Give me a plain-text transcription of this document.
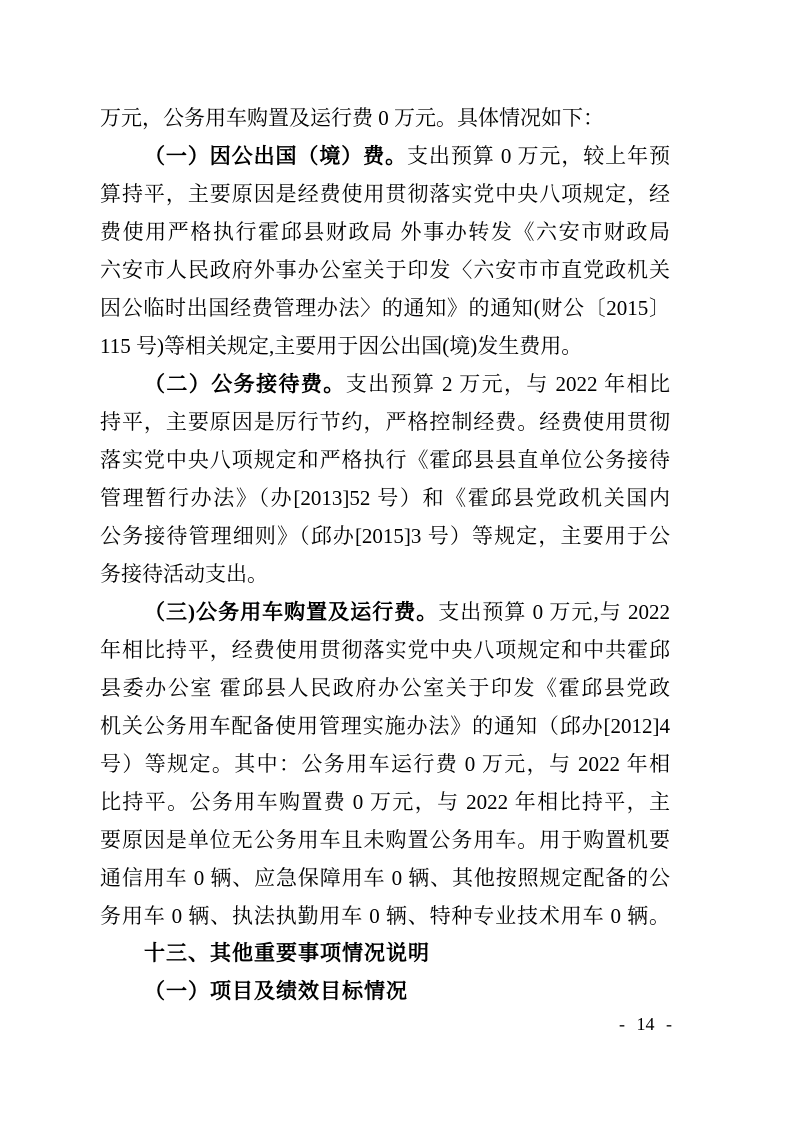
万元，公务用车购置及运行费 0 万元。具体情况如下：
（一）因公出国（境）费。支出预算 0 万元，较上年预
算持平，主要原因是经费使用贯彻落实党中央八项规定，经
费使用严格执行霍邱县财政局 外事办转发《六安市财政局
六安市人民政府外事办公室关于印发〈六安市市直党政机关
因公临时出国经费管理办法〉的通知》的通知(财公〔2015〕
115 号)等相关规定,主要用于因公出国(境)发生费用。
（二）公务接待费。支出预算 2 万元，与 2022 年相比
持平，主要原因是厉行节约，严格控制经费。经费使用贯彻
落实党中央八项规定和严格执行《霍邱县县直单位公务接待
管理暂行办法》（办[2013]52 号）和《霍邱县党政机关国内
公务接待管理细则》（邱办[2015]3 号）等规定，主要用于公
务接待活动支出。
（三)公务用车购置及运行费。支出预算 0 万元,与 2022
年相比持平，经费使用贯彻落实党中央八项规定和中共霍邱
县委办公室 霍邱县人民政府办公室关于印发《霍邱县党政
机关公务用车配备使用管理实施办法》的通知（邱办[2012]4
号）等规定。其中：公务用车运行费 0 万元，与 2022 年相
比持平。公务用车购置费 0 万元，与 2022 年相比持平，主
要原因是单位无公务用车且未购置公务用车。用于购置机要
通信用车 0 辆、应急保障用车 0 辆、其他按照规定配备的公
务用车 0 辆、执法执勤用车 0 辆、特种专业技术用车 0 辆。
十三、其他重要事项情况说明
（一）项目及绩效目标情况
- 14 -
